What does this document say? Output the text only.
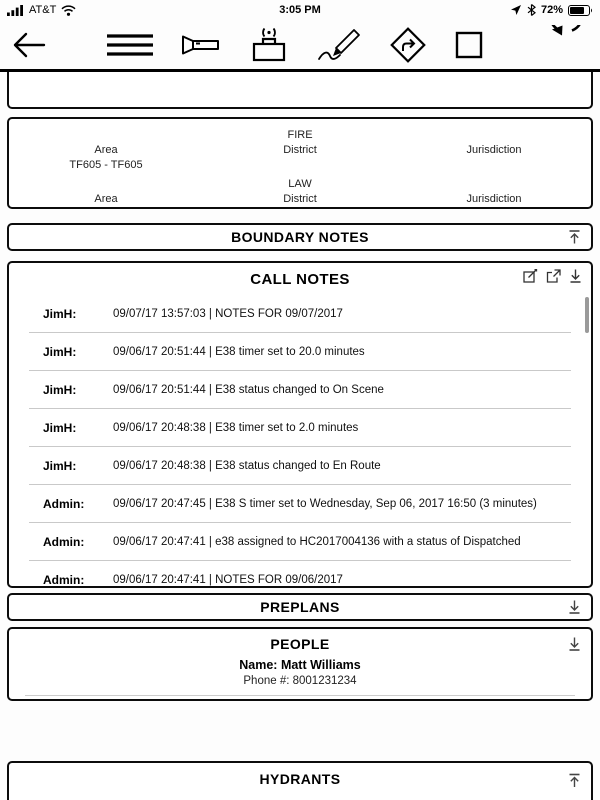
AT&T	3:05 PM	72%
FIRE
Area	District	Jurisdiction
TF605 - TF605
LAW
Area	District	Jurisdiction
BOUNDARY NOTES
CALL NOTES
JimH:	09/07/17 13:57:03 | NOTES FOR 09/07/2017
JimH:	09/06/17 20:51:44 | E38 timer set to 20.0 minutes
JimH:	09/06/17 20:51:44 | E38 status changed to On Scene
JimH:	09/06/17 20:48:38 | E38 timer set to 2.0 minutes
JimH:	09/06/17 20:48:38 | E38 status changed to En Route
Admin:	09/06/17 20:47:45 | E38 S timer set to Wednesday, Sep 06, 2017 16:50 (3 minutes)
Admin:	09/06/17 20:47:41 | e38 assigned to HC2017004136 with a status of Dispatched
Admin:	09/06/17 20:47:41 | NOTES FOR 09/06/2017
PREPLANS
PEOPLE
Name: Matt Williams
Phone #: 8001231234
HYDRANTS
